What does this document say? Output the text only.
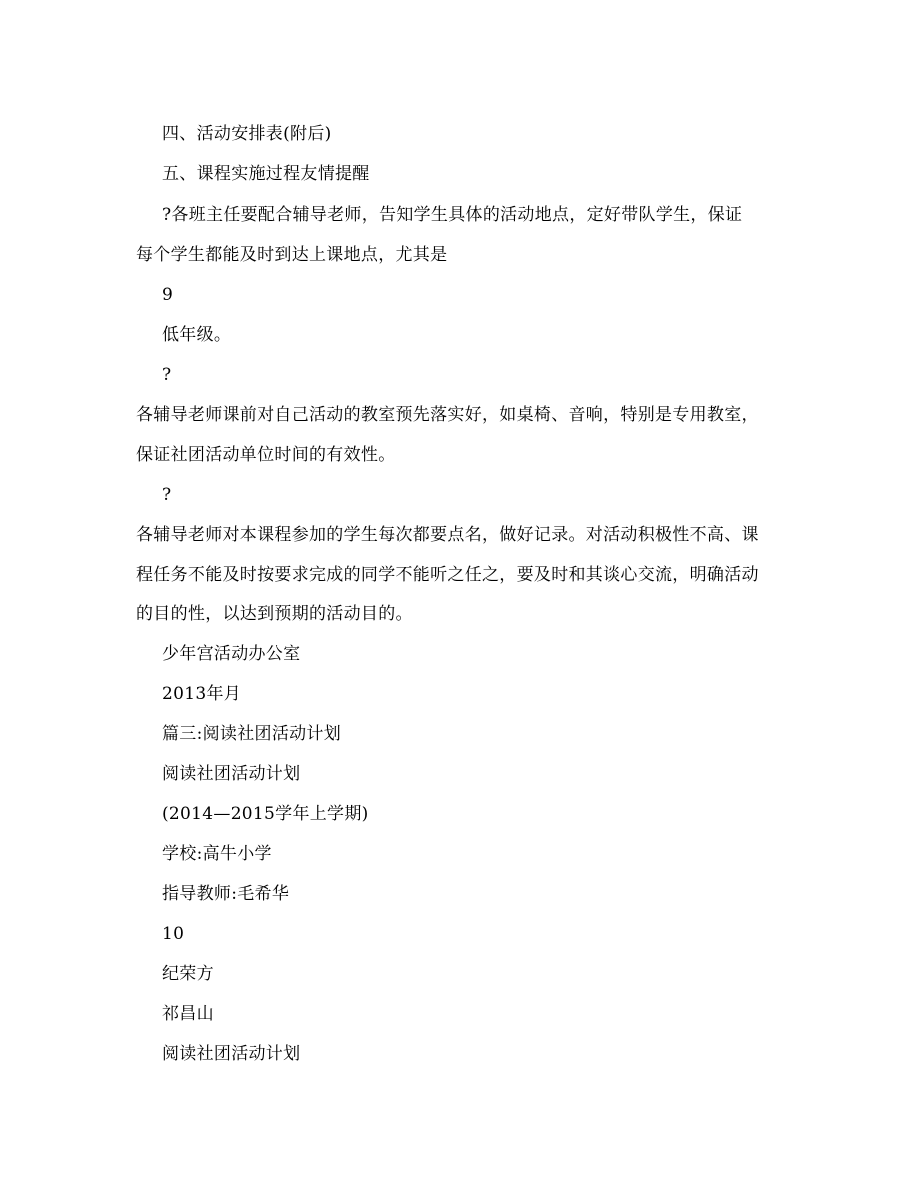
四、活动安排表(附后)
五、课程实施过程友情提醒
?各班主任要配合辅导老师，告知学生具体的活动地点，定好带队学生，保证
每个学生都能及时到达上课地点，尤其是
9
低年级。
?
各辅导老师课前对自己活动的教室预先落实好，如桌椅、音响，特别是专用教室，
保证社团活动单位时间的有效性。
?
各辅导老师对本课程参加的学生每次都要点名，做好记录。对活动积极性不高、课
程任务不能及时按要求完成的同学不能听之任之，要及时和其谈心交流，明确活动
的目的性，以达到预期的活动目的。
少年宫活动办公室
2013年月
篇三:阅读社团活动计划
阅读社团活动计划
(2014—2015学年上学期)
学校:高牛小学
指导教师:毛希华
10
纪荣方
祁昌山
阅读社团活动计划
